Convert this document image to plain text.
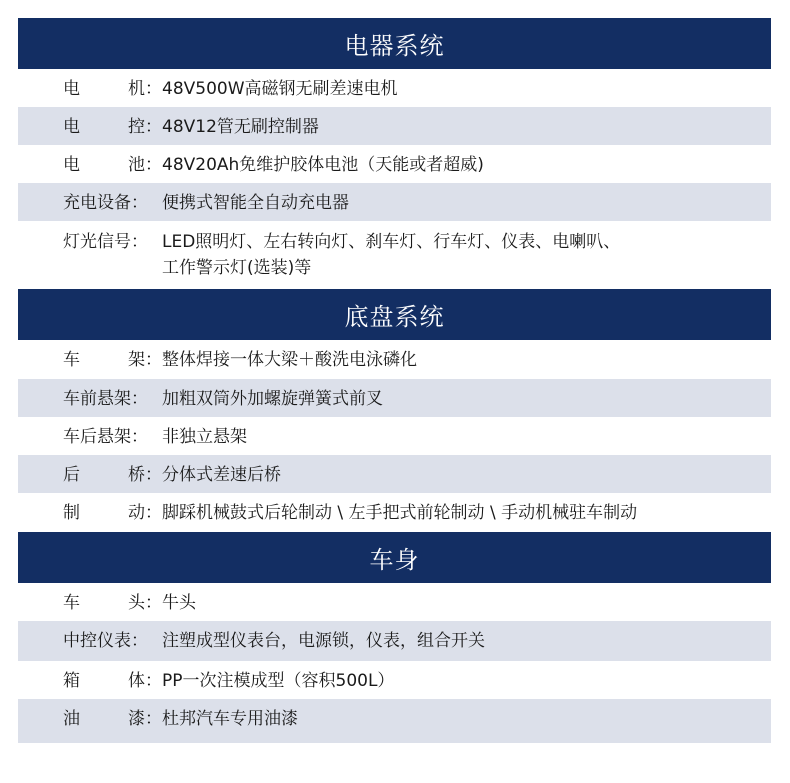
电器系统
电	机： 48V500W高磁钢无刷差速电机
电	控： 48V12管无刷控制器
电	池： 48V20Ah免维护胶体电池（天能或者超威)
充电设备： 便携式智能全自动充电器
灯光信号： LED照明灯、左右转向灯、刹车灯、行车灯、仪表、电喇叭、
工作警示灯(选装)等
底盘系统
车	架： 整体焊接一体大梁＋酸洗电泳磷化
车前悬架： 加粗双筒外加螺旋弹簧式前叉
车后悬架： 非独立悬架
后	桥： 分体式差速后桥
制	动： 脚踩机械鼓式后轮制动 \ 左手把式前轮制动 \ 手动机械驻车制动
车身
车	头： 牛头
中控仪表： 注塑成型仪表台，电源锁，仪表，组合开关
箱	体： PP一次注模成型（容积500L）
油	漆： 杜邦汽车专用油漆
